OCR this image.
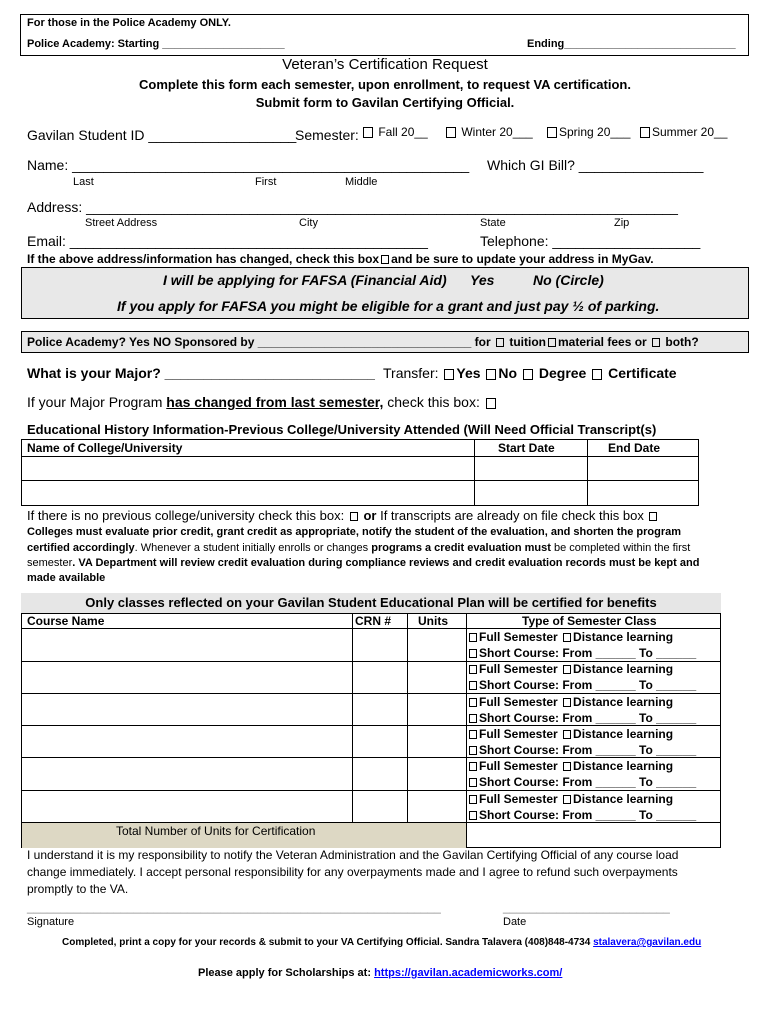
For those in the Police Academy ONLY.
Police Academy: Starting ____________________	Ending____________________________
Veteran’s Certification Request
Complete this form each semester, upon enrollment, to request VA certification.
Submit form to Gavilan Certifying Official.
Gavilan Student ID ___________________
Semester:	Fall 20__	Winter 20___	Spring 20___	Summer 20__
Name: ___________________________________________________ Which GI Bill? ________________
Last	First	Middle
Address: ____________________________________________________________________________
Street Address	City	State	Zip
Email: ______________________________________________	Telephone: ___________________
If the above address/information has changed, check this box and be sure to update your address in MyGav.
I will be applying for FAFSA (Financial Aid) Yes	No (Circle)
If you apply for FAFSA you might be eligible for a grant and just pay ½ of parking.
Police Academy? Yes NO Sponsored by ________________________________ for tuition material fees or both?
What is your Major? ___________________________ Transfer: Yes No Degree Certificate
If your Major Program has changed from last semester, check this box:
Educational History Information-Previous College/University Attended (Will Need Official Transcript(s)
Name of College/University	Start Date	End Date
If there is no previous college/university check this box: or If transcripts are already on file check this box
Colleges must evaluate prior credit, grant credit as appropriate, notify the student of the evaluation, and shorten the program
certified accordingly. Whenever a student initially enrolls or changes programs a credit evaluation must be completed within the first
semester. VA Department will review credit evaluation during compliance reviews and credit evaluation records must be kept and
made available
Only classes reflected on your Gavilan Student Educational Plan will be certified for benefits
Course Name	CRN # Units	Type of Semester Class
Full Semester Distance learning
Short Course: From ______ To ______
Full Semester Distance learning
Short Course: From ______ To ______
Full Semester Distance learning
Short Course: From ______ To ______
Full Semester Distance learning
Short Course: From ______ To ______
Full Semester Distance learning
Short Course: From ______ To ______
Full Semester Distance learning
Short Course: From ______ To ______
Total Number of Units for Certification
I understand it is my responsibility to notify the Veteran Administration and the Gavilan Certifying Official of any course load
change immediately. I accept personal responsibility for any overpayments made and I agree to refund such overpayments
promptly to the VA.
______________________________________________________________	_________________________
Signature	Date
Completed, print a copy for your records & submit to your VA Certifying Official. Sandra Talavera (408)848-4734 stalavera@gavilan.edu
Please apply for Scholarships at: https://gavilan.academicworks.com/
